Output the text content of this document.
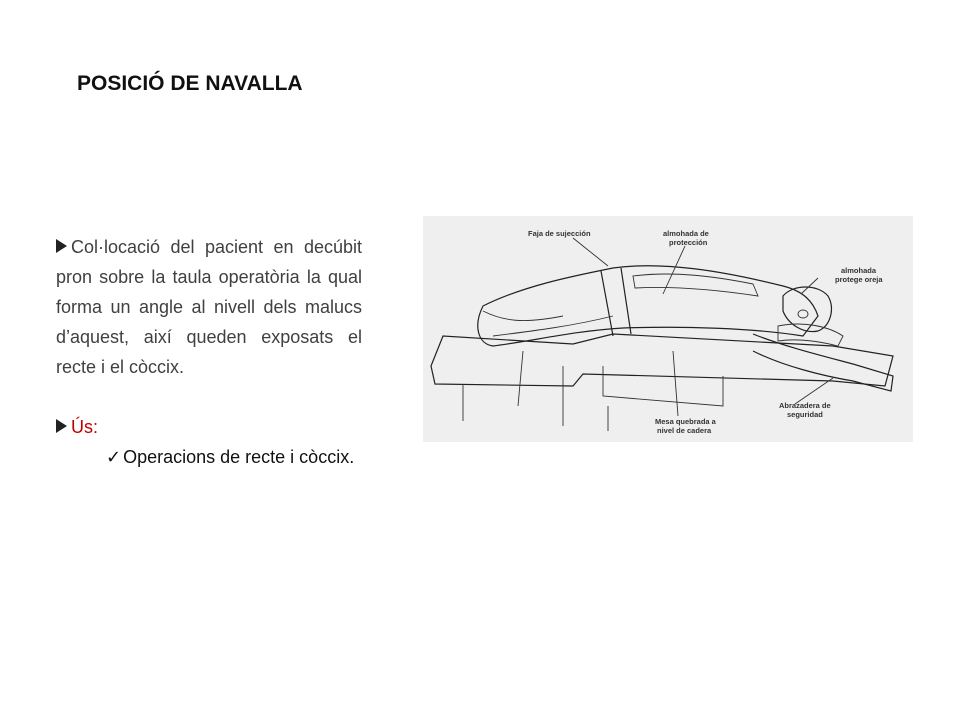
POSICIÓ DE NAVALLA

Col·locació del pacient en decúbit pron sobre la taula operatòria la qual forma un angle al nivell dels malucs d’aquest, així queden exposats el recte i el còccix.

Ús:

✓ Operacions de recte i còccix.

Faja de sujección	almohada de
protección
almohada
protege oreja
Mesa quebrada a
nivel de cadera
Abrazadera de
seguridad
